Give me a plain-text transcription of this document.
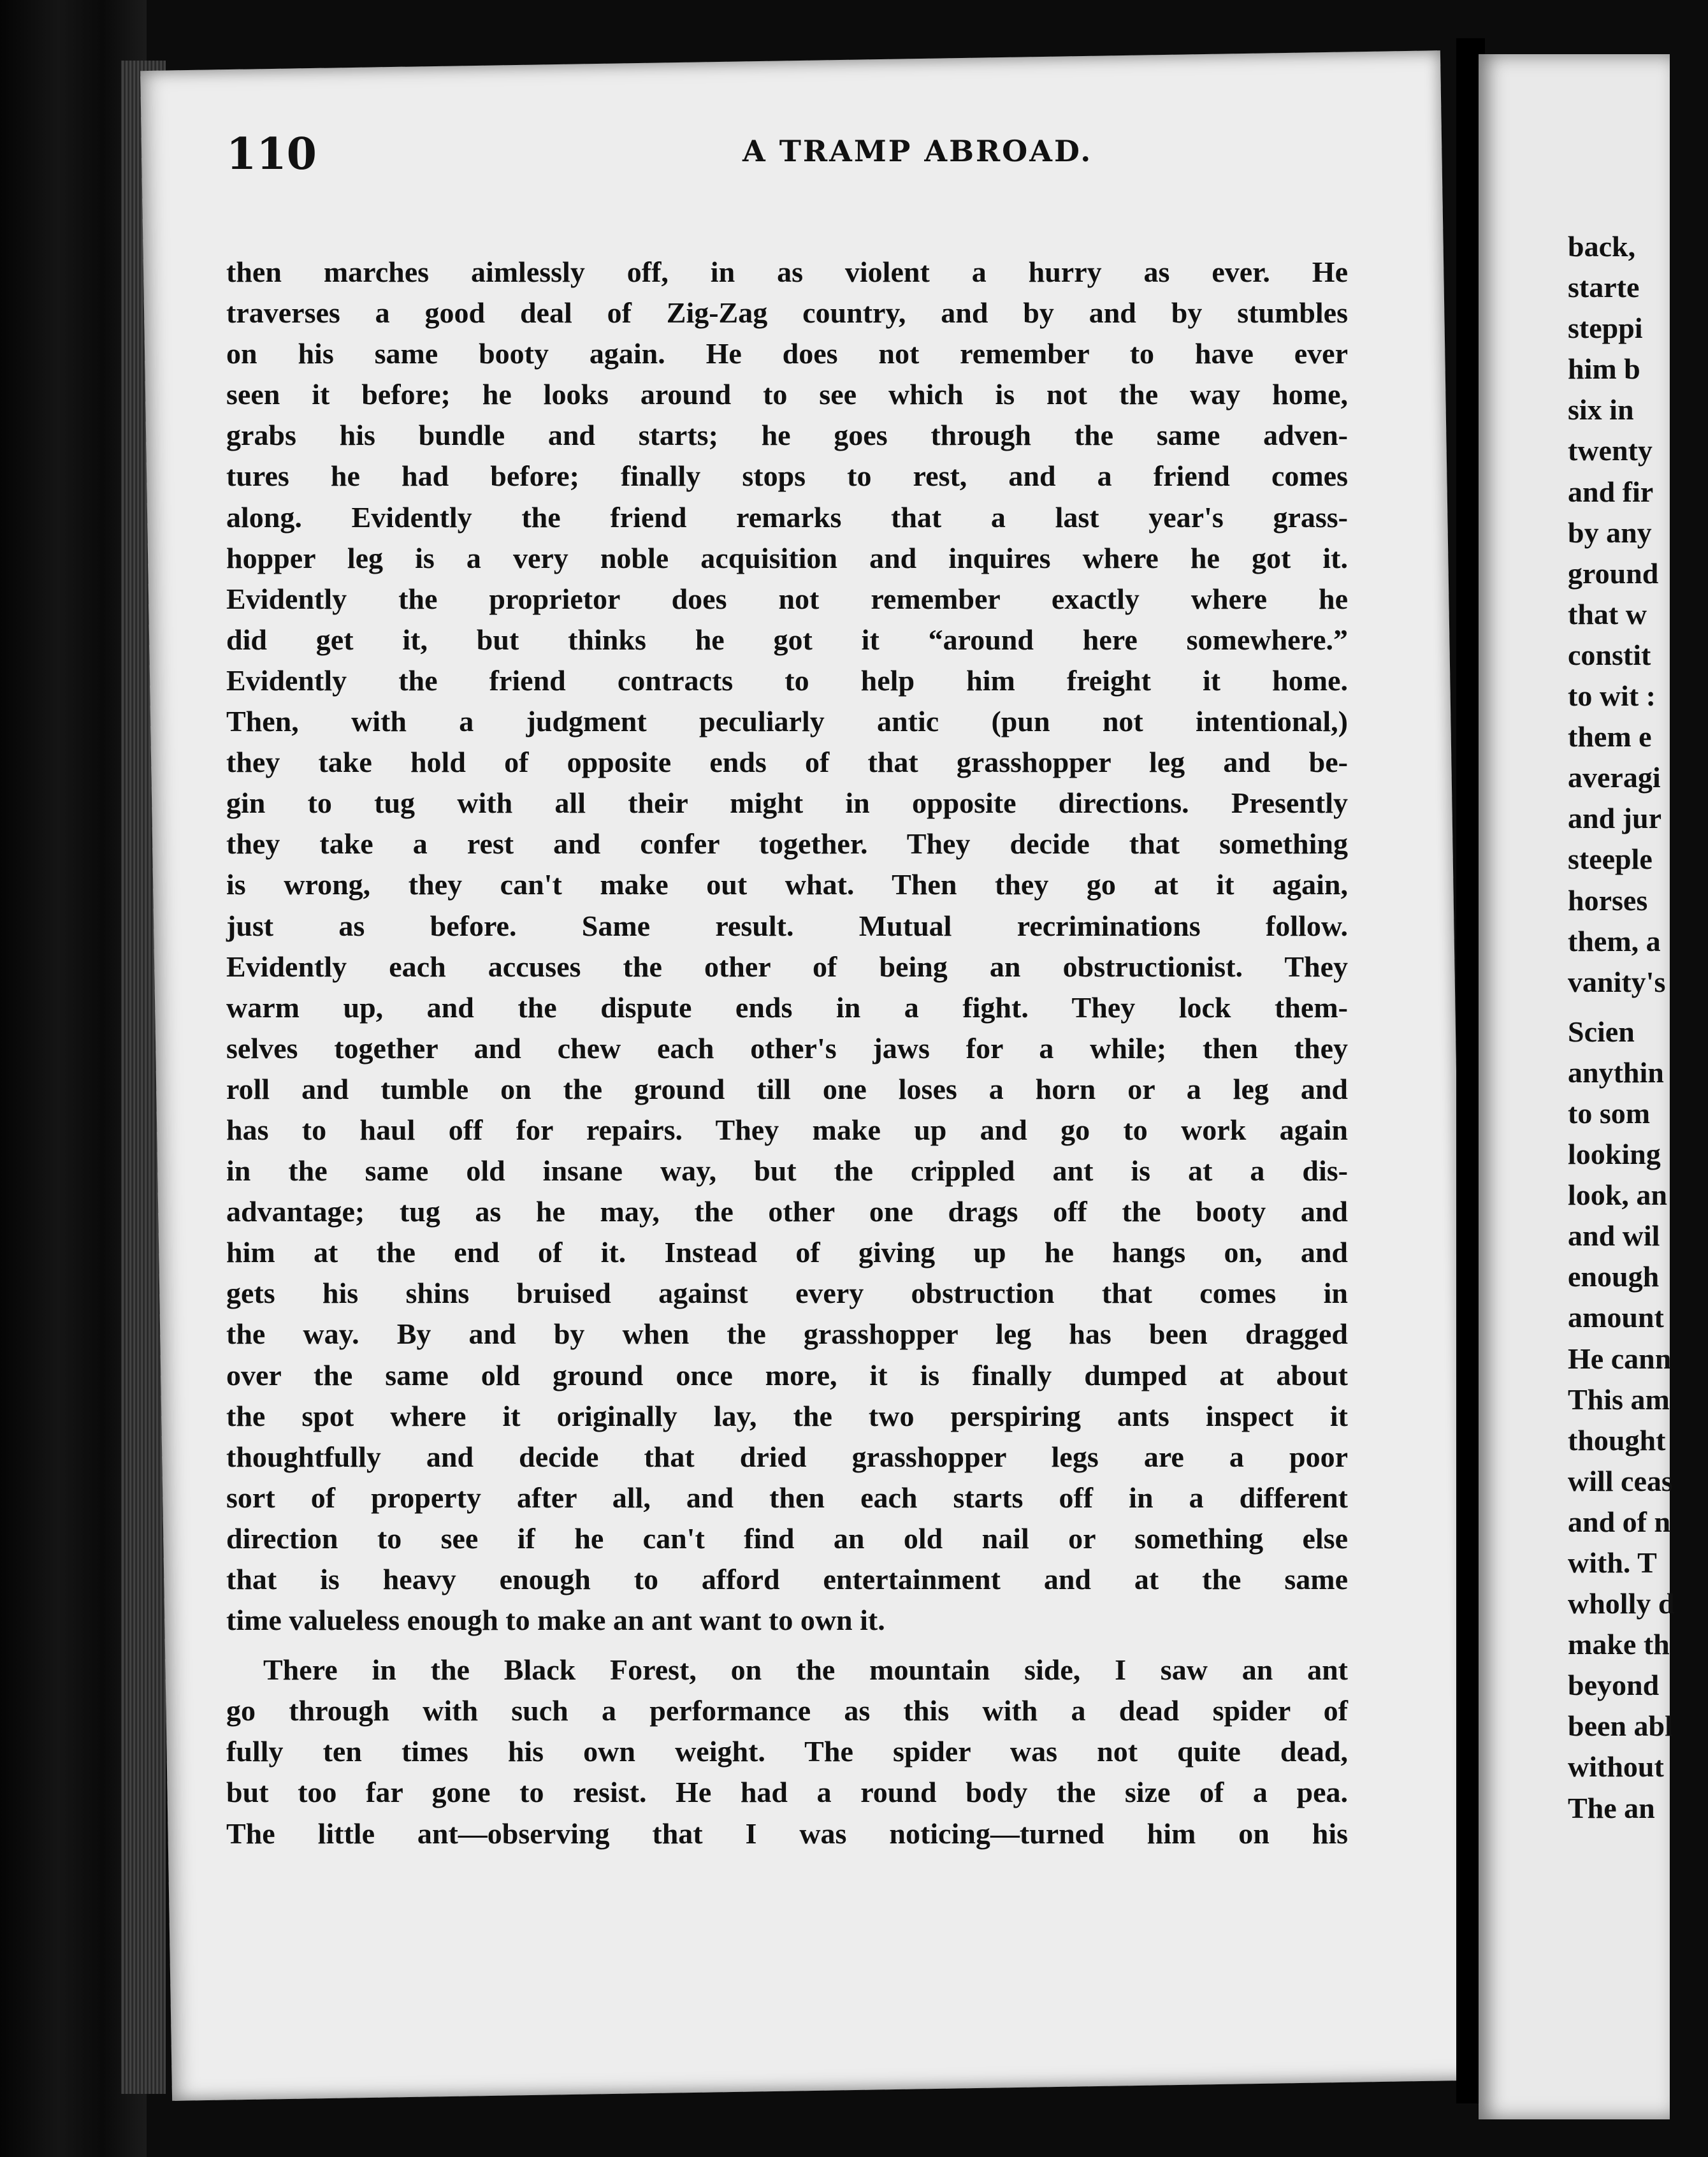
110	A TRAMP ABROAD.
then marches aimlessly off, in as violent a hurry as ever. He
traverses a good deal of Zig-Zag country, and by and by stumbles
on his same booty again. He does not remember to have ever
seen it before; he looks around to see which is not the way home,
grabs his bundle and starts; he goes through the same adven-
tures he had before; finally stops to rest, and a friend comes
along. Evidently the friend remarks that a last year's grass-
hopper leg is a very noble acquisition and inquires where he got it.
Evidently the proprietor does not remember exactly where he
did get it, but thinks he got it “around here somewhere.”
Evidently the friend contracts to help him freight it home.
Then, with a judgment peculiarly antic (pun not intentional,)
they take hold of opposite ends of that grasshopper leg and be-
gin to tug with all their might in opposite directions. Presently
they take a rest and confer together. They decide that something
is wrong, they can't make out what. Then they go at it again,
just as before. Same result. Mutual recriminations follow.
Evidently each accuses the other of being an obstructionist. They
warm up, and the dispute ends in a fight. They lock them-
selves together and chew each other's jaws for a while; then they
roll and tumble on the ground till one loses a horn or a leg and
has to haul off for repairs. They make up and go to work again
in the same old insane way, but the crippled ant is at a dis-
advantage; tug as he may, the other one drags off the booty and
him at the end of it. Instead of giving up he hangs on, and
gets his shins bruised against every obstruction that comes in
the way. By and by when the grasshopper leg has been dragged
over the same old ground once more, it is finally dumped at about
the spot where it originally lay, the two perspiring ants inspect it
thoughtfully and decide that dried grasshopper legs are a poor
sort of property after all, and then each starts off in a different
direction to see if he can't find an old nail or something else
that is heavy enough to afford entertainment and at the same
time valueless enough to make an ant want to own it.
There in the Black Forest, on the mountain side, I saw an ant
go through with such a performance as this with a dead spider of
fully ten times his own weight. The spider was not quite dead,
but too far gone to resist. He had a round body the size of a pea.
The little ant—observing that I was noticing—turned him on his
back,
starte
steppi
him b
six in
twenty
and fir
by any
ground
that w
constit
to wit :
them e
averagi
and jur
steeple
horses
them, a
vanity's
Scien
anythin
to som
looking
look, an
and wil
enough
amount
He cann
This am
thought
will ceas
and of n
with. T
wholly d
make th
beyond
been abl
without
The an
